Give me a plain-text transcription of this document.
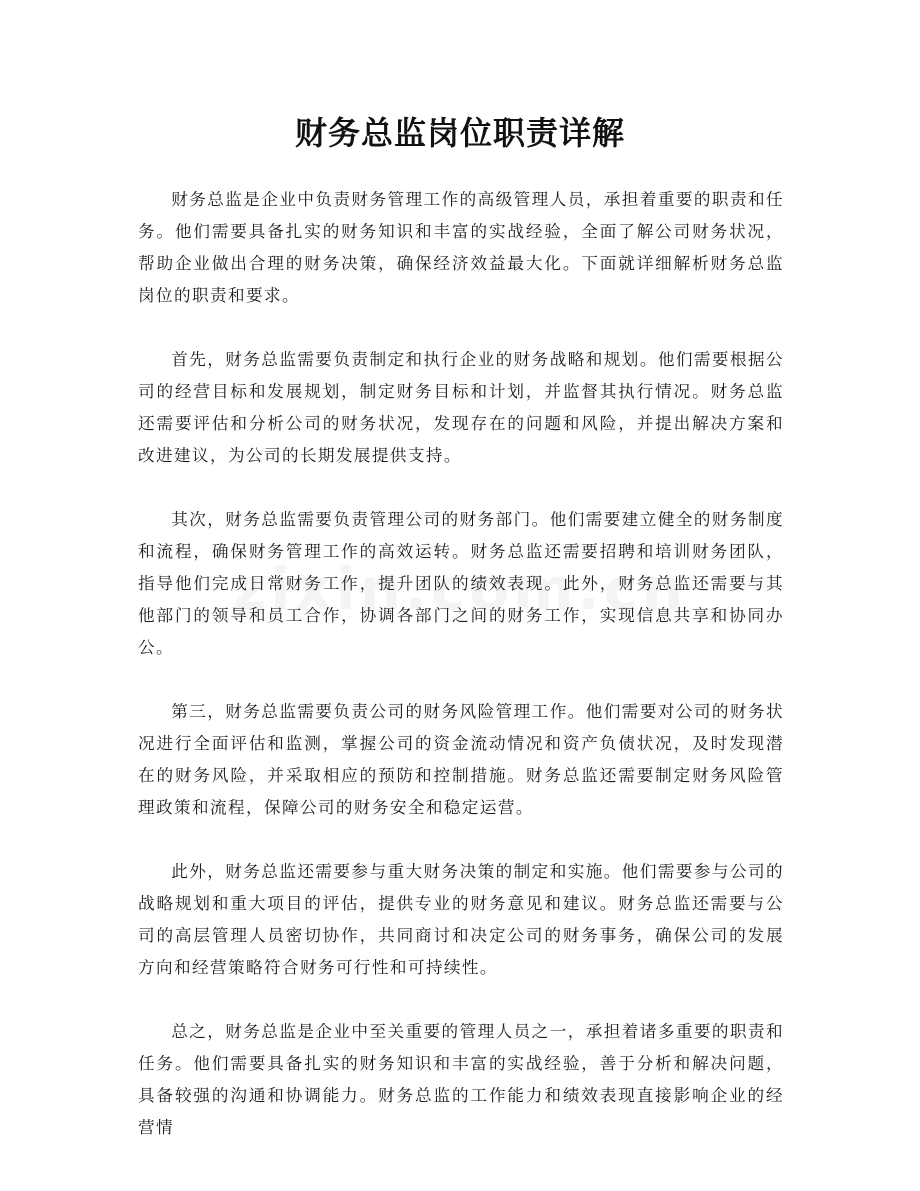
财务总监岗位职责详解

财务总监是企业中负责财务管理工作的高级管理人员，承担着重要的职责和任务。他们需要具备扎实的财务知识和丰富的实战经验，全面了解公司财务状况，帮助企业做出合理的财务决策，确保经济效益最大化。下面就详细解析财务总监岗位的职责和要求。

首先，财务总监需要负责制定和执行企业的财务战略和规划。他们需要根据公司的经营目标和发展规划，制定财务目标和计划，并监督其执行情况。财务总监还需要评估和分析公司的财务状况，发现存在的问题和风险，并提出解决方案和改进建议，为公司的长期发展提供支持。

其次，财务总监需要负责管理公司的财务部门。他们需要建立健全的财务制度和流程，确保财务管理工作的高效运转。财务总监还需要招聘和培训财务团队，指导他们完成日常财务工作，提升团队的绩效表现。此外，财务总监还需要与其他部门的领导和员工合作，协调各部门之间的财务工作，实现信息共享和协同办公。

第三，财务总监需要负责公司的财务风险管理工作。他们需要对公司的财务状况进行全面评估和监测，掌握公司的资金流动情况和资产负债状况，及时发现潜在的财务风险，并采取相应的预防和控制措施。财务总监还需要制定财务风险管理政策和流程，保障公司的财务安全和稳定运营。

此外，财务总监还需要参与重大财务决策的制定和实施。他们需要参与公司的战略规划和重大项目的评估，提供专业的财务意见和建议。财务总监还需要与公司的高层管理人员密切协作，共同商讨和决定公司的财务事务，确保公司的发展方向和经营策略符合财务可行性和可持续性。

总之，财务总监是企业中至关重要的管理人员之一，承担着诸多重要的职责和任务。他们需要具备扎实的财务知识和丰富的实战经验，善于分析和解决问题，具备较强的沟通和协调能力。财务总监的工作能力和绩效表现直接影响企业的经营情
